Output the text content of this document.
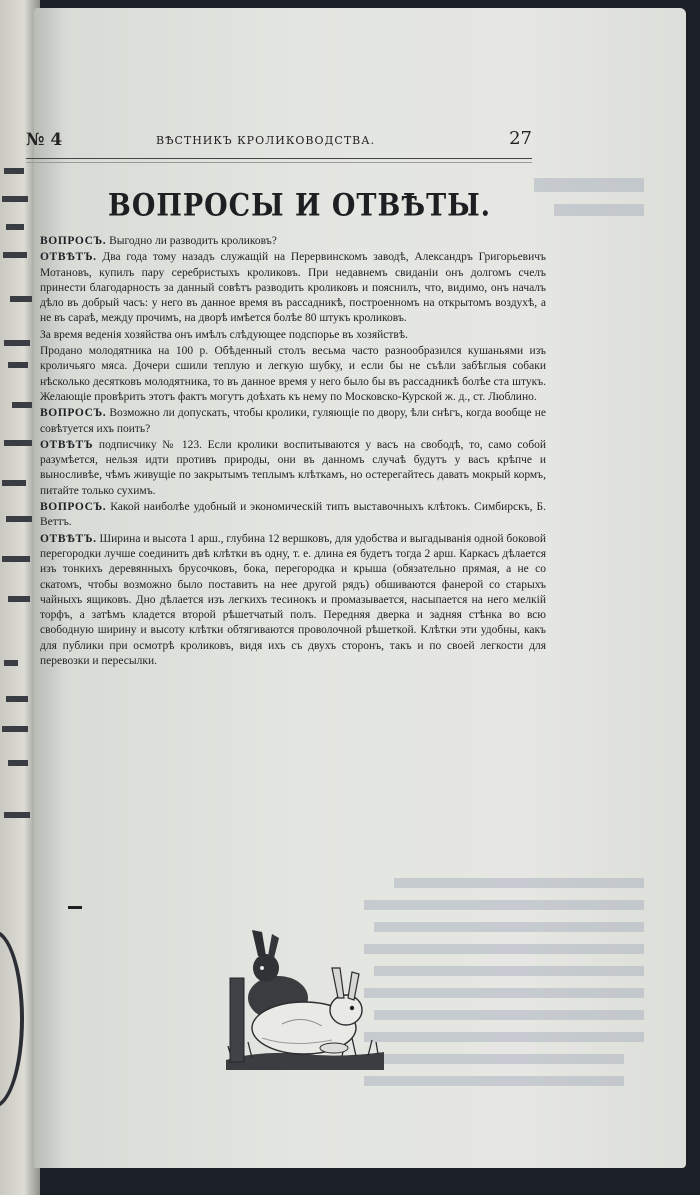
№ 4	ВѢСТНИКЪ КРОЛИКОВОДСТВА.	27
ВОПРОСЫ И ОТВѢТЫ.

ВОПРОСЪ. Выгодно ли разводить кроликовъ?

ОТВѢТЪ. Два года тому назадъ служащій на Перервинскомъ заводѣ, Александръ Григорьевичъ Мотановъ, купилъ пару серебристыхъ кроликовъ. При недавнемъ свиданіи онъ долгомъ счелъ принести благодарность за данный совѣтъ разводить кроликовъ и пояснилъ, что, видимо, онъ началъ дѣло въ добрый часъ: у него въ данное время въ рассадникѣ, построенномъ на открытомъ воздухѣ, а не въ сараѣ, между прочимъ, на дворѣ имѣется болѣе 80 штукъ кроликовъ.

За время веденія хозяйства онъ имѣлъ слѣдующее подспорье въ хозяйствѣ.

Продано молодятника на 100 р. Обѣденный столъ весьма часто разнообразился кушаньями изъ кроличьяго мяса. Дочери сшили теплую и легкую шубку, и если бы не съѣли забѣглыя собаки нѣсколько десятковъ молодятника, то въ данное время у него было бы въ рассадникѣ болѣе ста штукъ. Желающіе провѣрить этотъ фактъ могутъ доѣхать къ нему по Московско-Курской ж. д., ст. Люблино.

ВОПРОСЪ. Возможно ли допускать, чтобы кролики, гуляющіе по двору, ѣли снѣгъ, когда вообще не совѣтуется ихъ поить?

ОТВѢТЪ подписчику № 123. Если кролики воспитываются у васъ на свободѣ, то, само собой разумѣется, нельзя идти противъ природы, они въ данномъ случаѣ будутъ у васъ крѣпче и выносливѣе, чѣмъ живущіе по закрытымъ теплымъ клѣткамъ, но остерегайтесь давать мокрый кормъ, питайте только сухимъ.

ВОПРОСЪ. Какой наиболѣе удобный и экономическій типъ выставочныхъ клѣтокъ. Симбирскъ, Б. Веттъ.

ОТВѢТЪ. Ширина и высота 1 арш., глубина 12 вершковъ, для удобства и выгадыванія одной боковой перегородки лучше соединить двѣ клѣтки въ одну, т. е. длина ея будетъ тогда 2 арш. Каркасъ дѣлается изъ тонкихъ деревянныхъ брусочковъ, бока, перегородка и крыша (обязательно прямая, а не со скатомъ, чтобы возможно было поставить на нее другой рядъ) обшиваются фанерой со старыхъ чайныхъ ящиковъ. Дно дѣлается изъ легкихъ тесинокъ и промазывается, насыпается на него мелкій торфъ, а затѣмъ кладется второй рѣшетчатый полъ. Передняя дверка и задняя стѣнка во всю свободную ширину и высоту клѣтки обтягиваются проволочной рѣшеткой. Клѣтки эти удобны, какъ для публики при осмотрѣ кроликовъ, видя ихъ съ двухъ сторонъ, такъ и по своей легкости для перевозки и пересылки.
